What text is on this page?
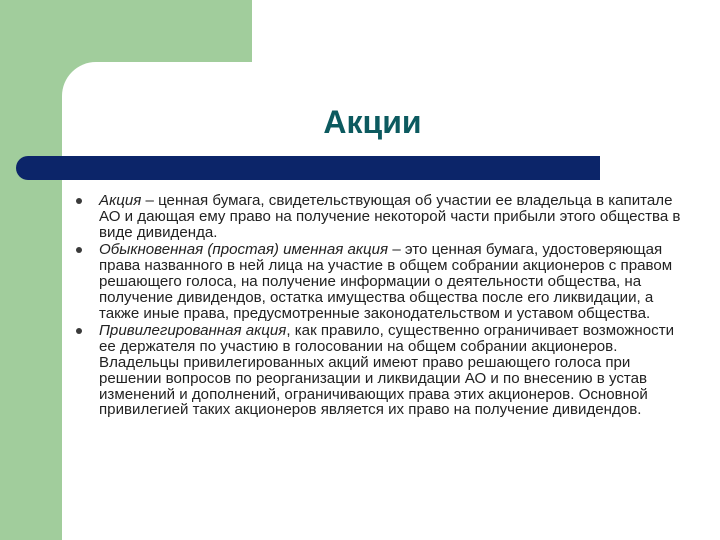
Акции
Акция – ценная бумага, свидетельствующая об участии ее владельца в капитале АО и дающая ему право на получение некоторой части прибыли этого общества в виде дивиденда.
Обыкновенная (простая) именная акция – это ценная бумага, удостоверяющая права названного в ней лица на участие в общем собрании акционеров с правом решающего голоса, на получение информации о деятельности общества, на получение дивидендов, остатка имущества общества после его ликвидации, а также иные права, предусмотренные законодательством и уставом общества.
Привилегированная акция, как правило, существенно ограничивает возможности ее держателя по участию в голосовании на общем собрании акционеров. Владельцы привилегированных акций имеют право решающего голоса при решении вопросов по реорганизации и ликвидации АО и по внесению в устав изменений и дополнений, ограничивающих права этих акционеров. Основной привилегией таких акционеров является их право на получение дивидендов.
